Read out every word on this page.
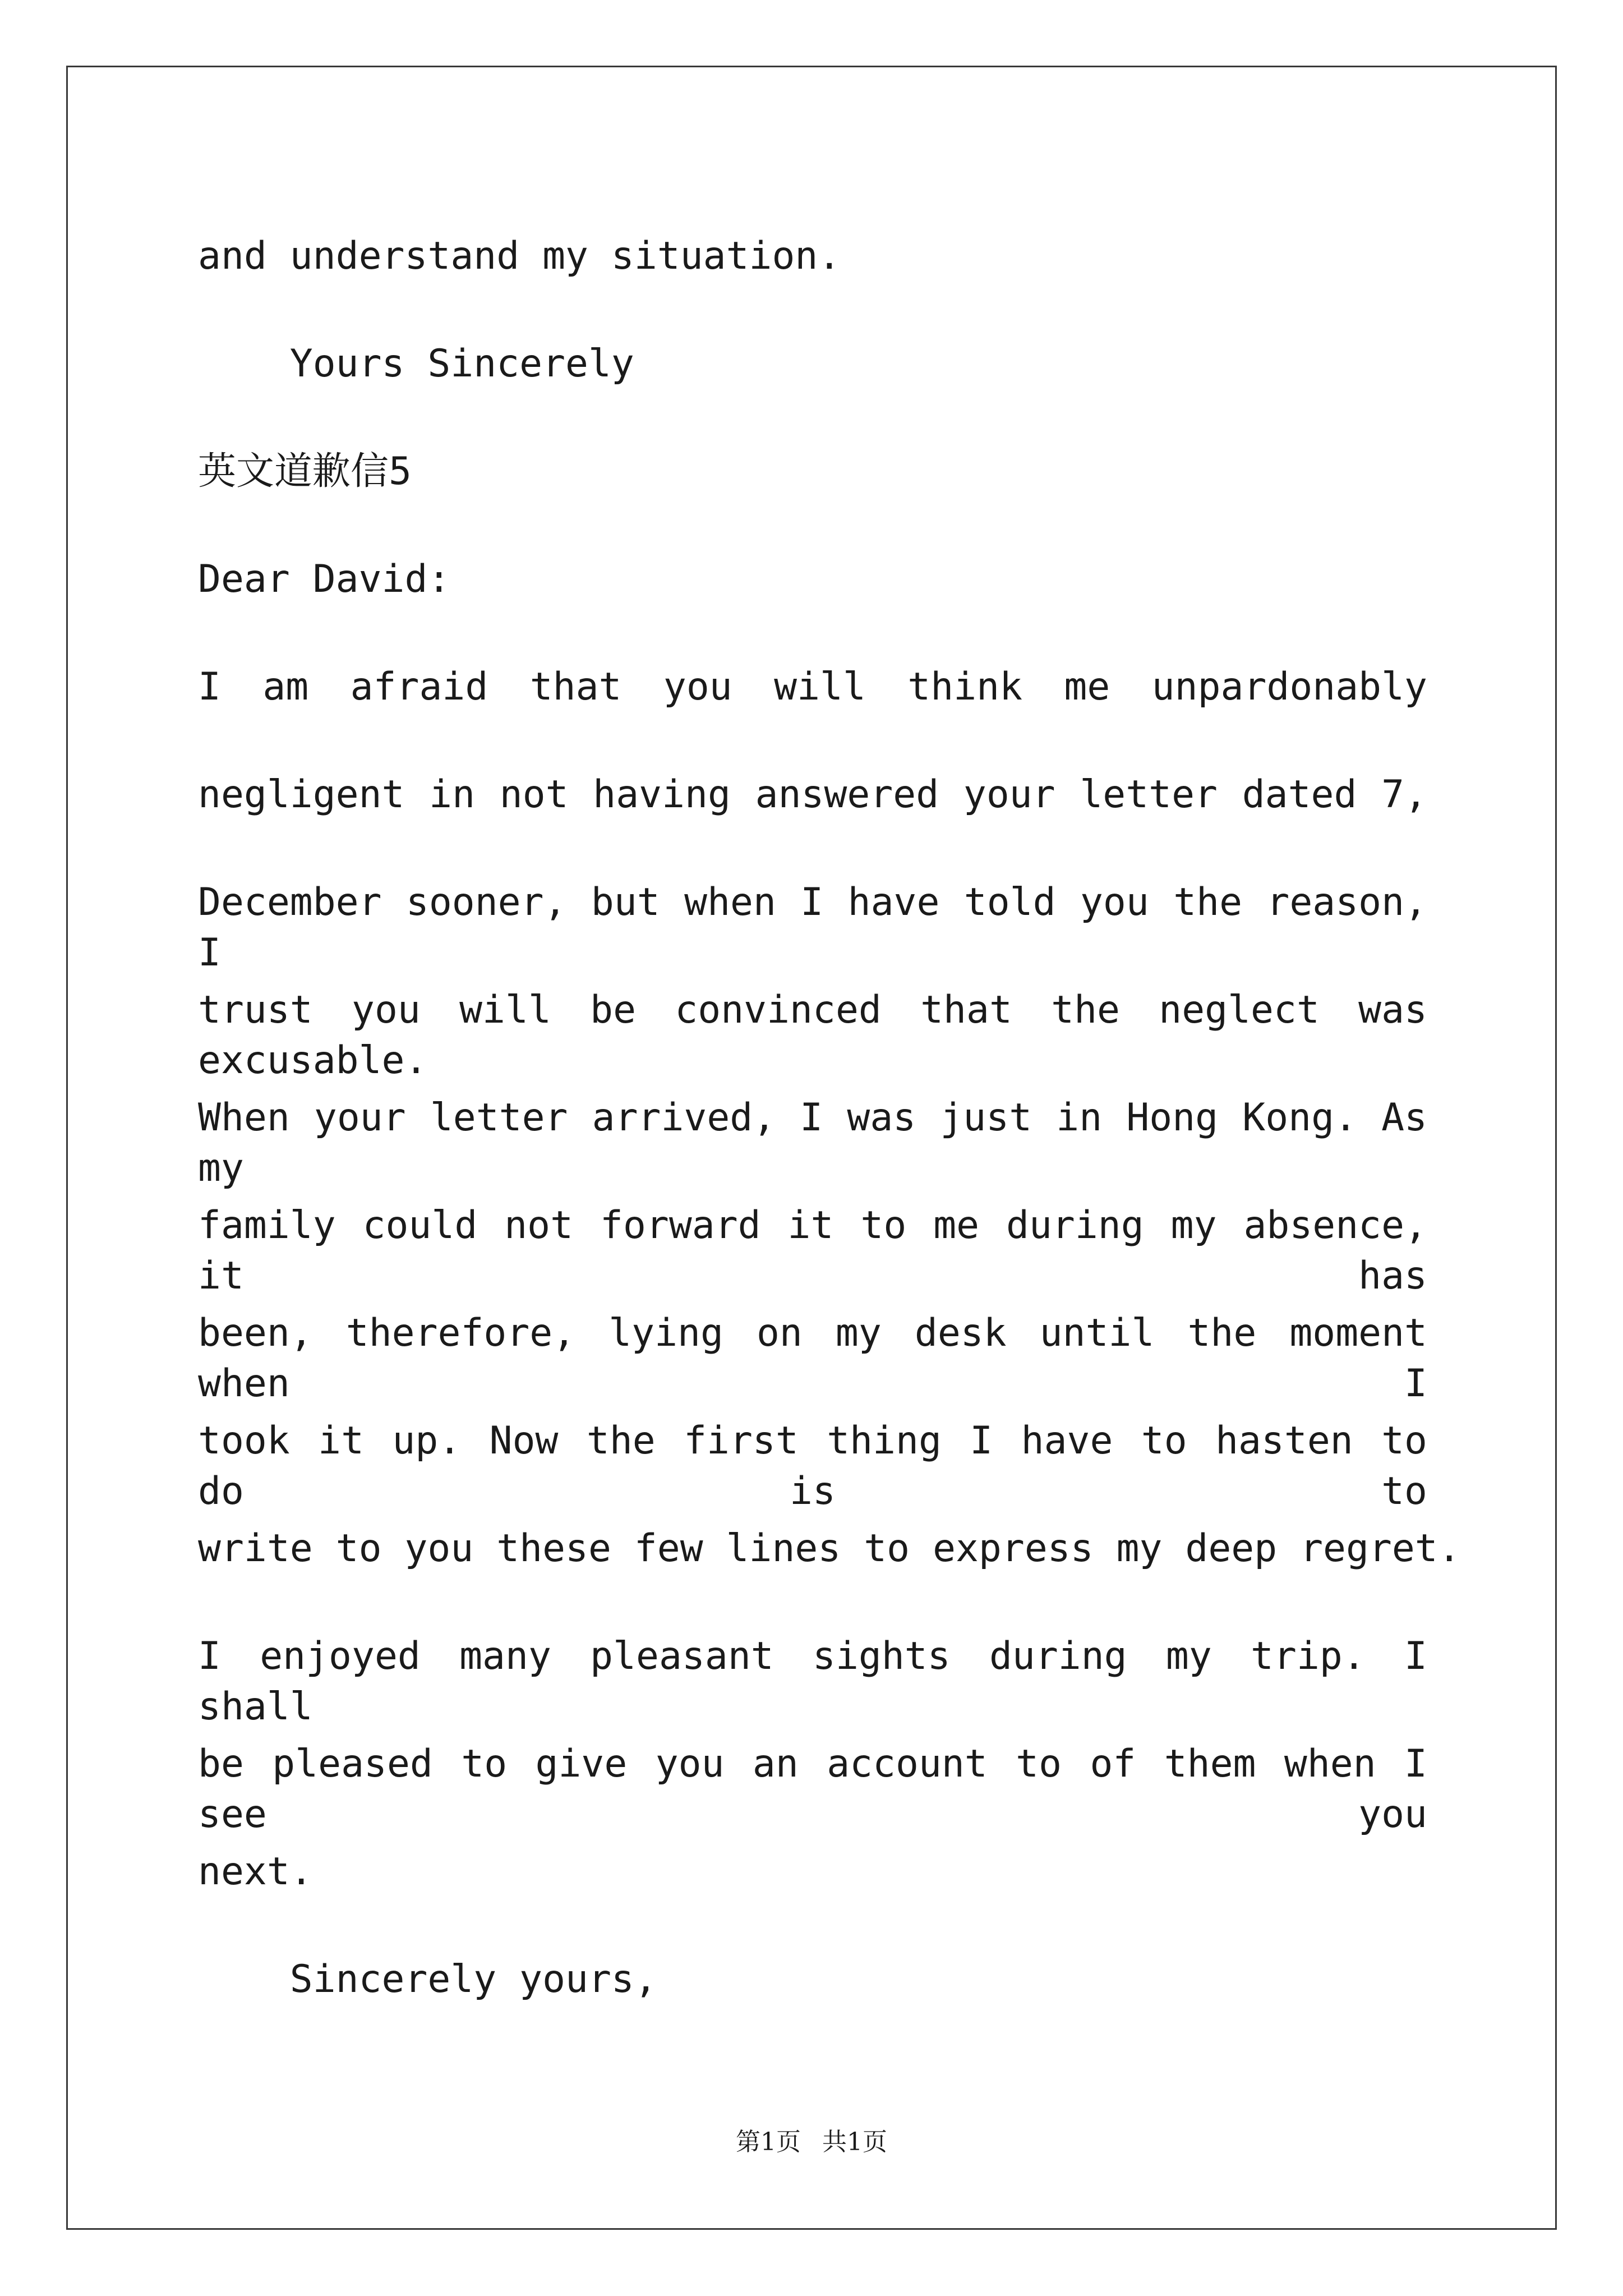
and understand my situation.
Yours Sincerely
英文道歉信5
Dear David:
I am afraid that you will think me unpardonably
negligent in not having answered your letter dated 7,
December sooner, but when I have told you the reason, I
trust you will be convinced that the neglect was excusable.
When your letter arrived, I was just in Hong Kong. As my
family could not forward it to me during my absence, it has
been, therefore, lying on my desk until the moment when I
took it up. Now the first thing I have to hasten to do is to
write to you these few lines to express my deep regret.
I enjoyed many pleasant sights during my trip. I shall
be pleased to give you an account to of them when I see you
next.
Sincerely yours,
第1页 共1页
